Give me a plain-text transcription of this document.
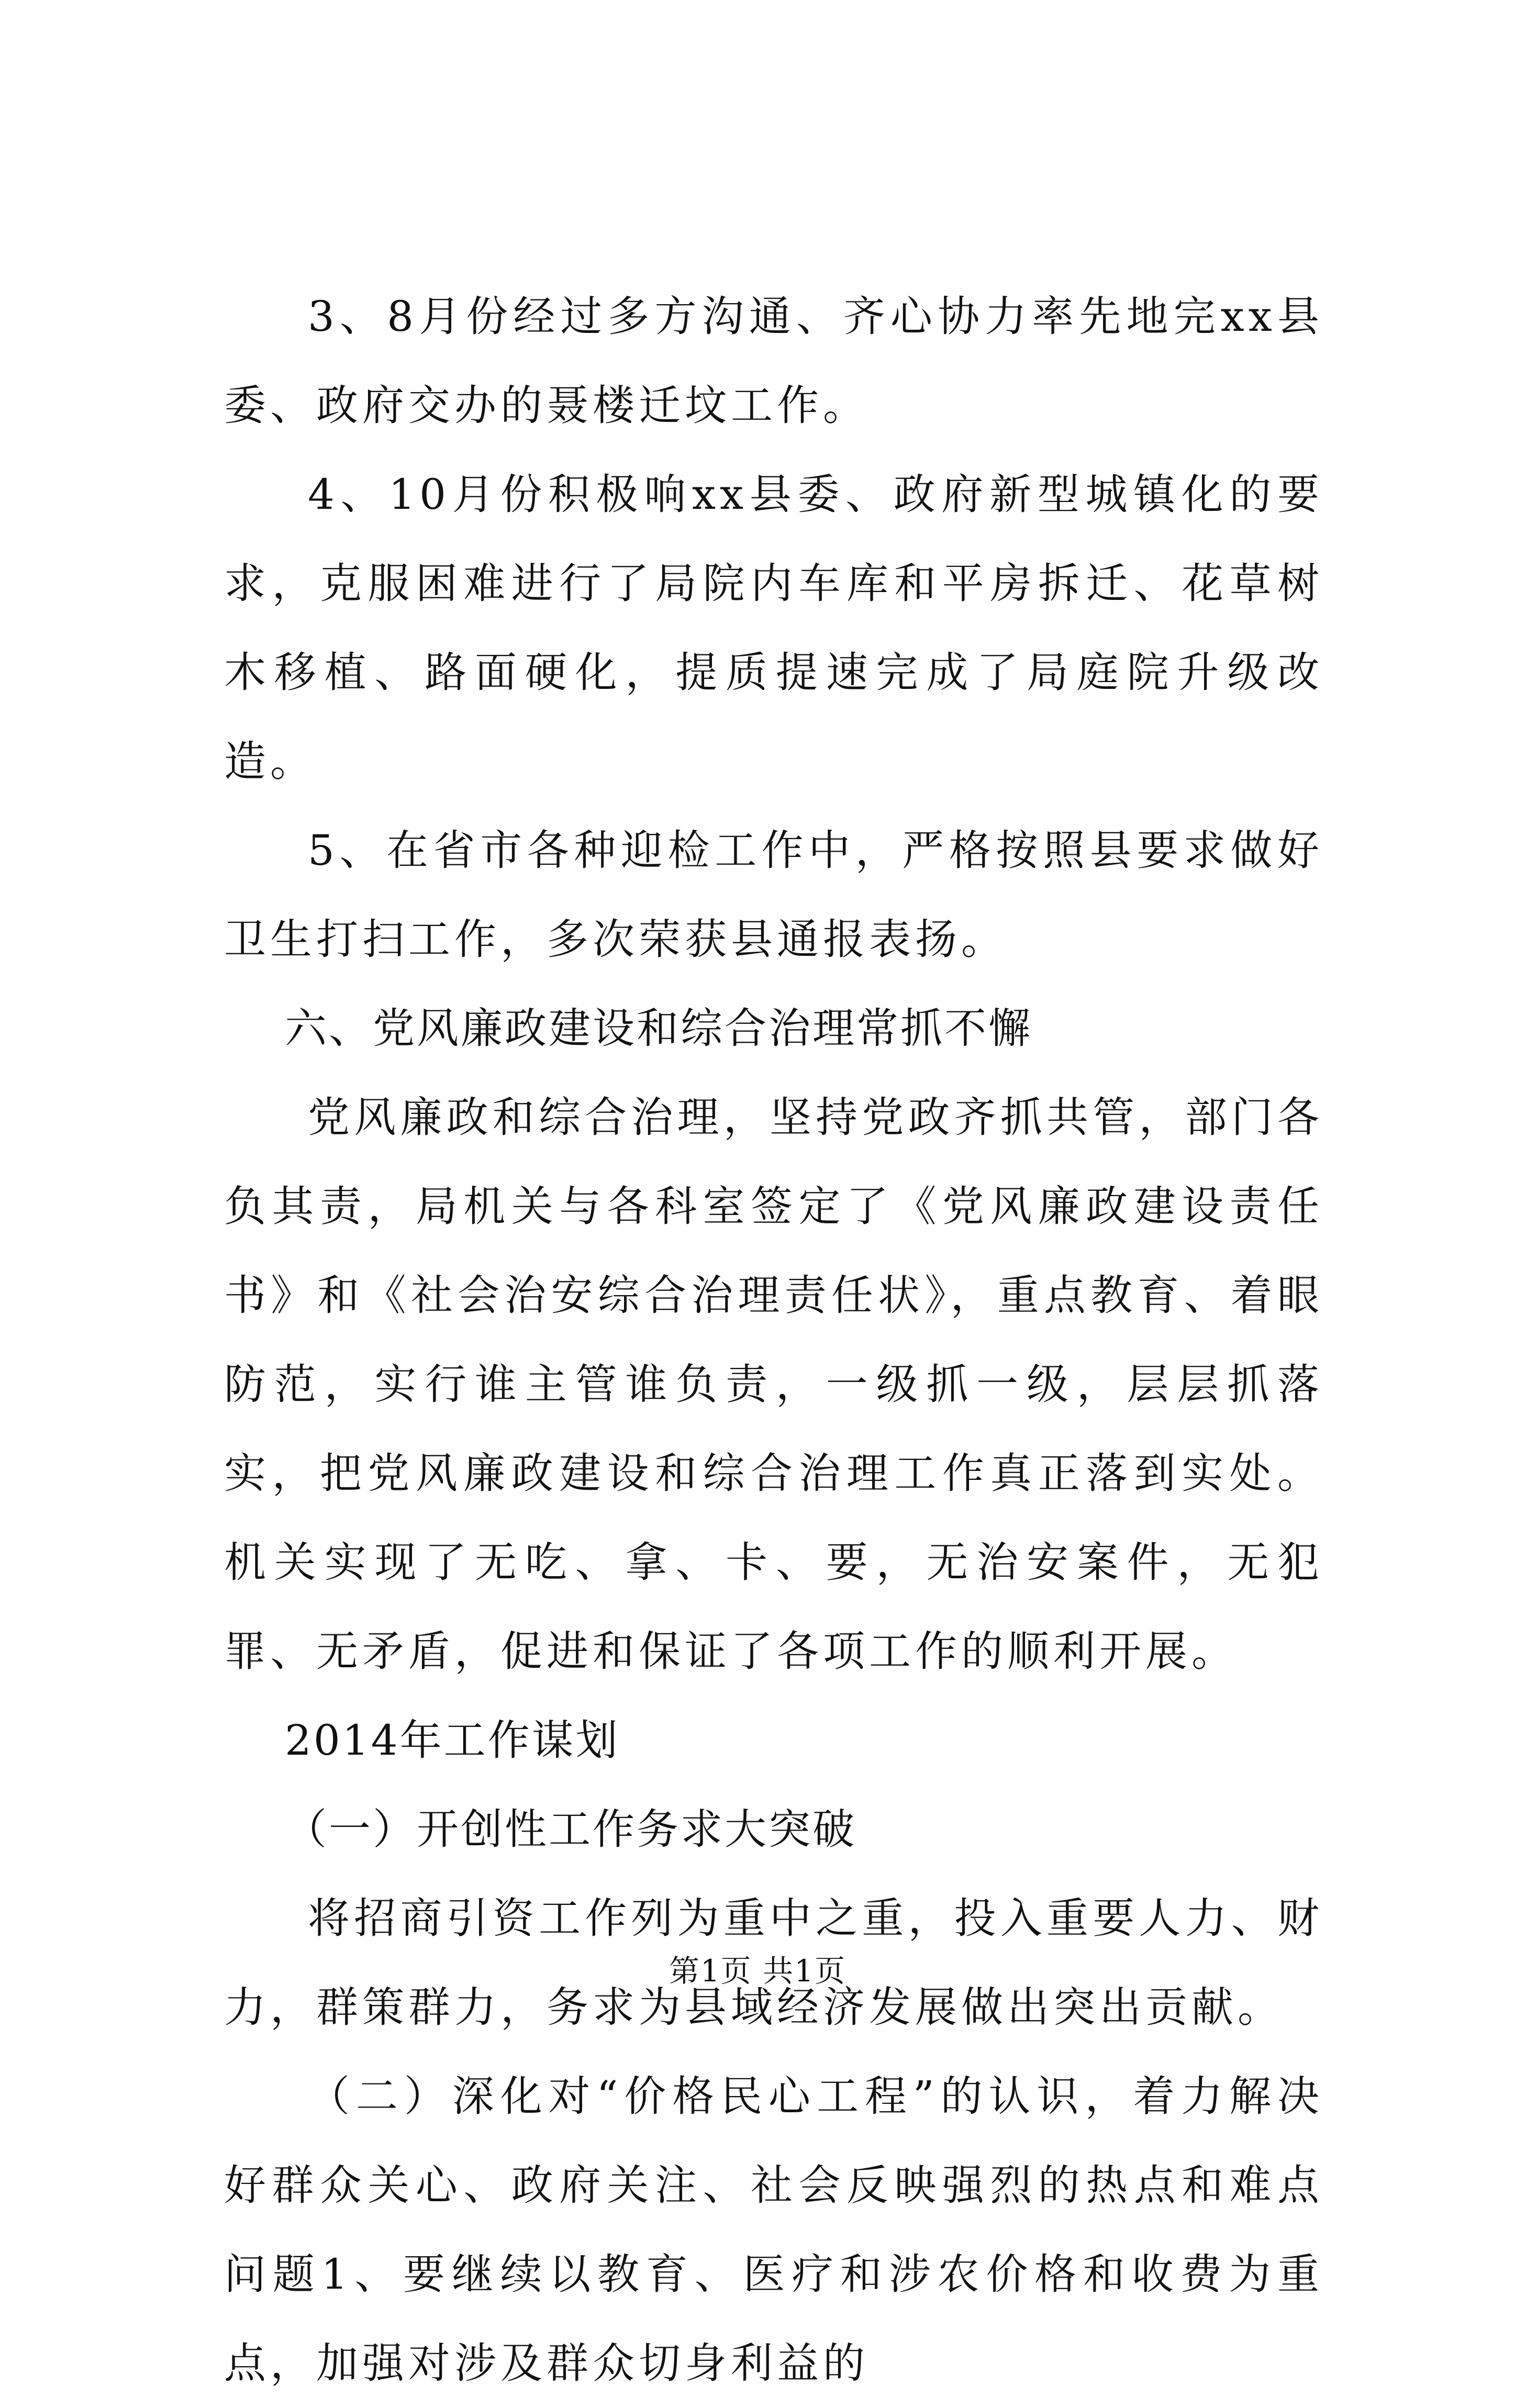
3、8月份经过多方沟通、齐心协力率先地完xx县委、政府交办的聂楼迁坟工作。

4、10月份积极响xx县委、政府新型城镇化的要求，克服困难进行了局院内车库和平房拆迁、花草树木移植、路面硬化，提质提速完成了局庭院升级改造。

5、在省市各种迎检工作中，严格按照县要求做好卫生打扫工作，多次荣获县通报表扬。

六、党风廉政建设和综合治理常抓不懈

党风廉政和综合治理，坚持党政齐抓共管，部门各负其责，局机关与各科室签定了《党风廉政建设责任书》和《社会治安综合治理责任状》，重点教育、着眼防范，实行谁主管谁负责，一级抓一级，层层抓落实，把党风廉政建设和综合治理工作真正落到实处。机关实现了无吃、拿、卡、要，无治安案件，无犯罪、无矛盾，促进和保证了各项工作的顺利开展。

2014年工作谋划

（一）开创性工作务求大突破

将招商引资工作列为重中之重，投入重要人力、财力，群策群力，务求为县域经济发展做出突出贡献。

（二）深化对“价格民心工程”的认识，着力解决好群众关心、政府关注、社会反映强烈的热点和难点问题1、要继续以教育、医疗和涉农价格和收费为重点，加强对涉及群众切身利益的

第1页 共1页
